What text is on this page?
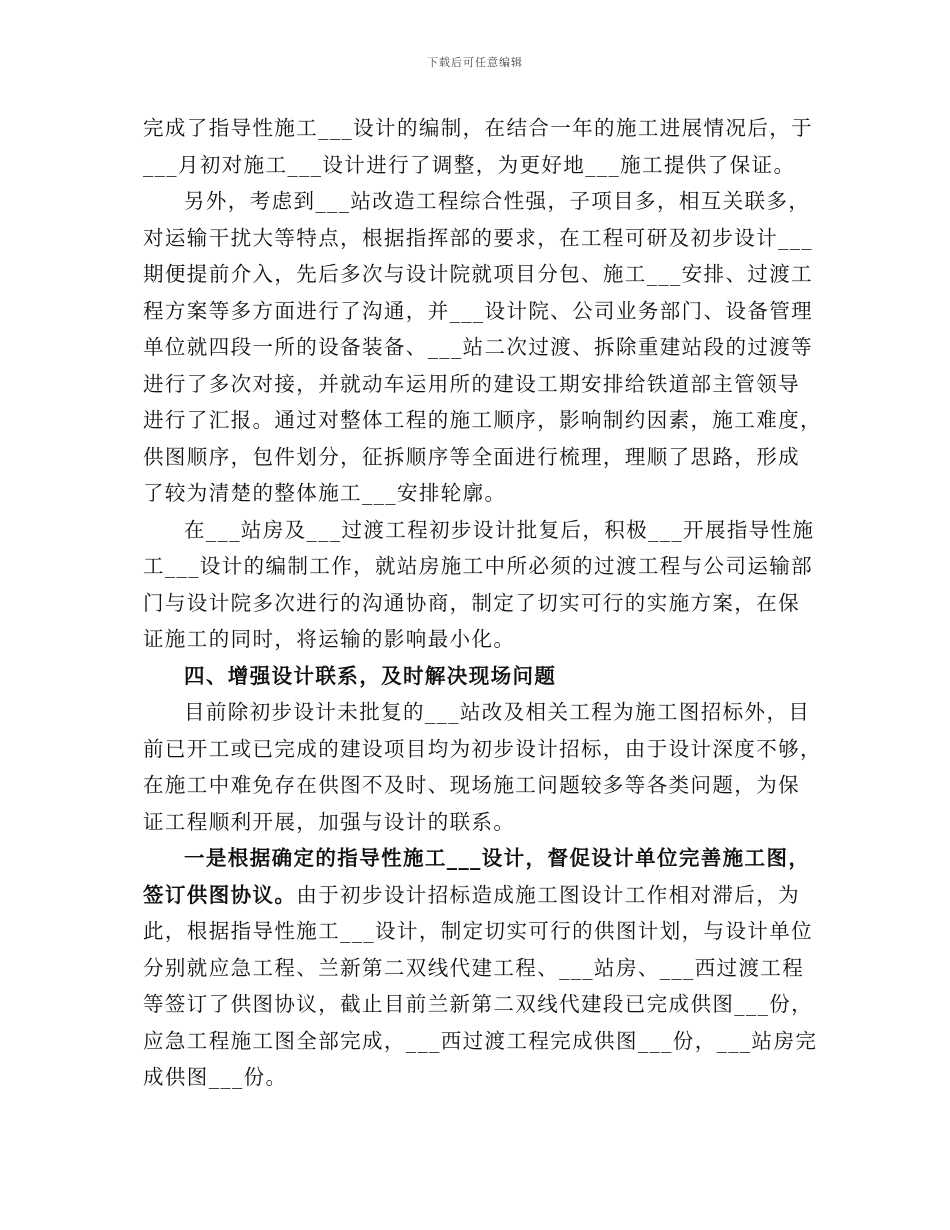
下载后可任意编辑
完成了指导性施工___设计的编制，在结合一年的施工进展情况后，于
___月初对施工___设计进行了调整，为更好地___施工提供了保证。
另外，考虑到___站改造工程综合性强，子项目多，相互关联多，
对运输干扰大等特点，根据指挥部的要求，在工程可研及初步设计___
期便提前介入，先后多次与设计院就项目分包、施工___安排、过渡工
程方案等多方面进行了沟通，并___设计院、公司业务部门、设备管理
单位就四段一所的设备装备、___站二次过渡、拆除重建站段的过渡等
进行了多次对接，并就动车运用所的建设工期安排给铁道部主管领导
进行了汇报。通过对整体工程的施工顺序，影响制约因素，施工难度，
供图顺序，包件划分，征拆顺序等全面进行梳理，理顺了思路，形成
了较为清楚的整体施工___安排轮廓。
在___站房及___过渡工程初步设计批复后，积极___开展指导性施
工___设计的编制工作，就站房施工中所必须的过渡工程与公司运输部
门与设计院多次进行的沟通协商，制定了切实可行的实施方案，在保
证施工的同时，将运输的影响最小化。
四、增强设计联系，及时解决现场问题
目前除初步设计未批复的___站改及相关工程为施工图招标外，目
前已开工或已完成的建设项目均为初步设计招标，由于设计深度不够，
在施工中难免存在供图不及时、现场施工问题较多等各类问题，为保
证工程顺利开展，加强与设计的联系。
一是根据确定的指导性施工___设计，督促设计单位完善施工图，
签订供图协议。由于初步设计招标造成施工图设计工作相对滞后，为
此，根据指导性施工___设计，制定切实可行的供图计划，与设计单位
分别就应急工程、兰新第二双线代建工程、___站房、___西过渡工程
等签订了供图协议，截止目前兰新第二双线代建段已完成供图___份，
应急工程施工图全部完成，___西过渡工程完成供图___份，___站房完
成供图___份。
